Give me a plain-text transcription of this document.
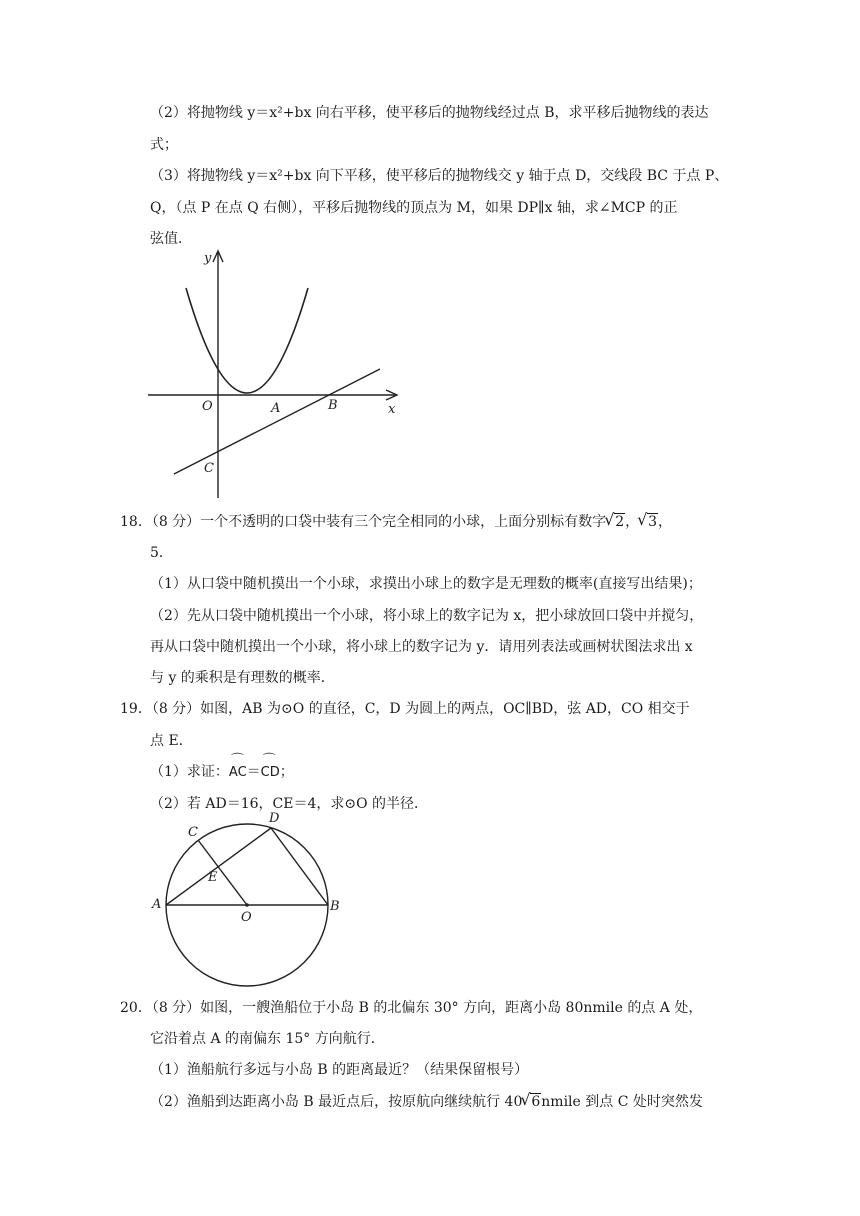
（2）将抛物线 y＝x²+bx 向右平移，使平移后的抛物线经过点 B，求平移后抛物线的表达
式；
（3）将抛物线 y＝x²+bx 向下平移，使平移后的抛物线交 y 轴于点 D，交线段 BC 于点 P、
Q，（点 P 在点 Q 右侧），平移后抛物线的顶点为 M，如果 DP∥x 轴，求∠MCP 的正
弦值．
y
x
O	A	B
C
18．（8 分）一个不透明的口袋中装有三个完全相同的小球，上面分别标有数字 √ 2， √ 3，
5．
（1）从口袋中随机摸出一个小球，求摸出小球上的数字是无理数的概率(直接写出结果)；
（2）先从口袋中随机摸出一个小球，将小球上的数字记为 x，把小球放回口袋中并搅匀，
再从口袋中随机摸出一个小球，将小球上的数字记为 y．请用列表法或画树状图法求出 x
与 y 的乘积是有理数的概率．
19．（8 分）如图，AB 为⊙O 的直径，C，D 为圆上的两点，OC∥BD，弦 AD，CO 相交于
点 E．
（1）求证：⌒ AC＝⌒ CD；
（2）若 AD＝16，CE＝4，求⊙O 的半径．
C
D
E
A	B
O
20．（8 分）如图，一艘渔船位于小岛 B 的北偏东 30° 方向，距离小岛 80nmile 的点 A 处，
它沿着点 A 的南偏东 15° 方向航行．
（1）渔船航行多远与小岛 B 的距离最近？（结果保留根号）
（2）渔船到达距离小岛 B 最近点后，按原航向继续航行 40 √ 6nmile 到点 C 处时突然发
